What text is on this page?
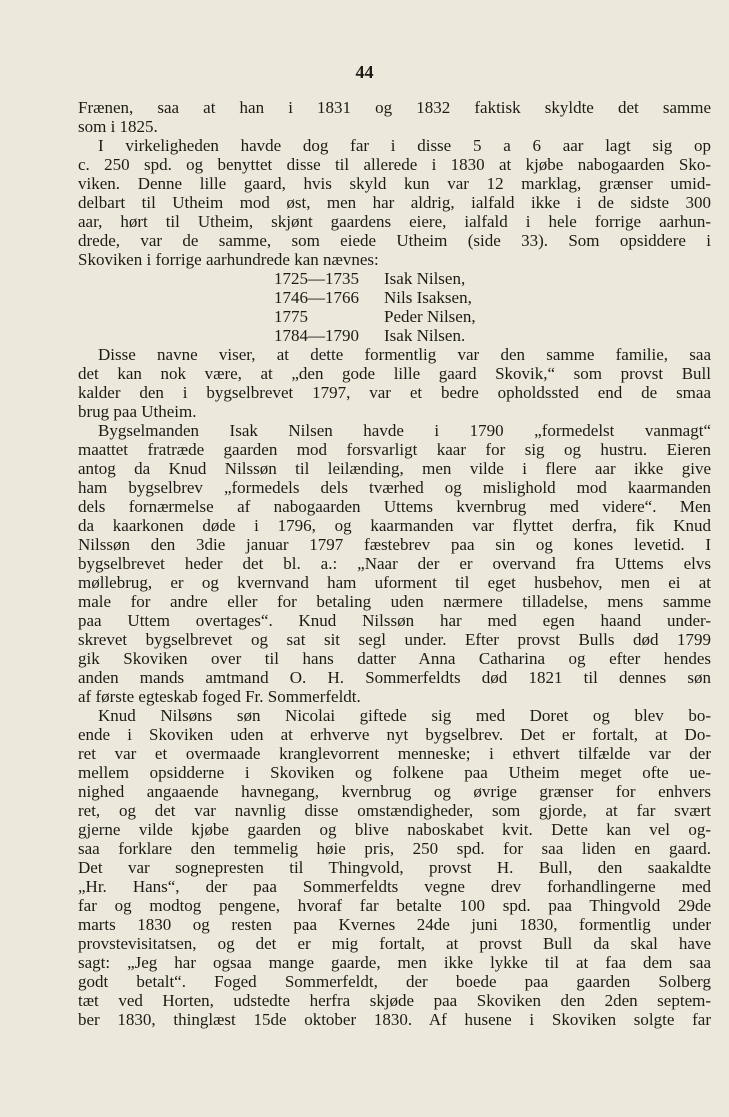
44
Frænen, saa at han i 1831 og 1832 faktisk skyldte det samme
som i 1825.
I virkeligheden havde dog far i disse 5 a 6 aar lagt sig op
c. 250 spd. og benyttet disse til allerede i 1830 at kjøbe nabogaarden Sko-
viken. Denne lille gaard, hvis skyld kun var 12 marklag, grænser umid-
delbart til Utheim mod øst, men har aldrig, ialfald ikke i de sidste 300
aar, hørt til Utheim, skjønt gaardens eiere, ialfald i hele forrige aarhun-
drede, var de samme, som eiede Utheim (side 33). Som opsiddere i
Skoviken i forrige aarhundrede kan nævnes:
1725—1735	Isak Nilsen,
1746—1766	Nils Isaksen,
1775	Peder Nilsen,
1784—1790	Isak Nilsen.
Disse navne viser, at dette formentlig var den samme familie, saa
det kan nok være, at „den gode lille gaard Skovik,“ som provst Bull
kalder den i bygselbrevet 1797, var et bedre opholdssted end de smaa
brug paa Utheim.
Bygselmanden Isak Nilsen havde i 1790 „formedelst vanmagt“
maattet fratræde gaarden mod forsvarligt kaar for sig og hustru. Eieren
antog da Knud Nilssøn til leilænding, men vilde i flere aar ikke give
ham bygselbrev „formedels dels tværhed og mislighold mod kaarmanden
dels fornærmelse af nabogaarden Uttems kvernbrug med videre“. Men
da kaarkonen døde i 1796, og kaarmanden var flyttet derfra, fik Knud
Nilssøn den 3die januar 1797 fæstebrev paa sin og kones levetid. I
bygselbrevet heder det bl. a.: „Naar der er overvand fra Uttems elvs
møllebrug, er og kvernvand ham uforment til eget husbehov, men ei at
male for andre eller for betaling uden nærmere tilladelse, mens samme
paa Uttem overtages“. Knud Nilssøn har med egen haand under-
skrevet bygselbrevet og sat sit segl under. Efter provst Bulls død 1799
gik Skoviken over til hans datter Anna Catharina og efter hendes
anden mands amtmand O. H. Sommerfeldts død 1821 til dennes søn
af første egteskab foged Fr. Sommerfeldt.
Knud Nilsøns søn Nicolai giftede sig med Doret og blev bo-
ende i Skoviken uden at erhverve nyt bygselbrev. Det er fortalt, at Do-
ret var et overmaade kranglevorrent menneske; i ethvert tilfælde var der
mellem opsidderne i Skoviken og folkene paa Utheim meget ofte ue-
nighed angaaende havnegang, kvernbrug og øvrige grænser for enhvers
ret, og det var navnlig disse omstændigheder, som gjorde, at far svært
gjerne vilde kjøbe gaarden og blive naboskabet kvit. Dette kan vel og-
saa forklare den temmelig høie pris, 250 spd. for saa liden en gaard.
Det var sognepresten til Thingvold, provst H. Bull, den saakaldte
„Hr. Hans“, der paa Sommerfeldts vegne drev forhandlingerne med
far og modtog pengene, hvoraf far betalte 100 spd. paa Thingvold 29de
marts 1830 og resten paa Kvernes 24de juni 1830, formentlig under
provstevisitatsen, og det er mig fortalt, at provst Bull da skal have
sagt: „Jeg har ogsaa mange gaarde, men ikke lykke til at faa dem saa
godt betalt“. Foged Sommerfeldt, der boede paa gaarden Solberg
tæt ved Horten, udstedte herfra skjøde paa Skoviken den 2den septem-
ber 1830, thinglæst 15de oktober 1830. Af husene i Skoviken solgte far
